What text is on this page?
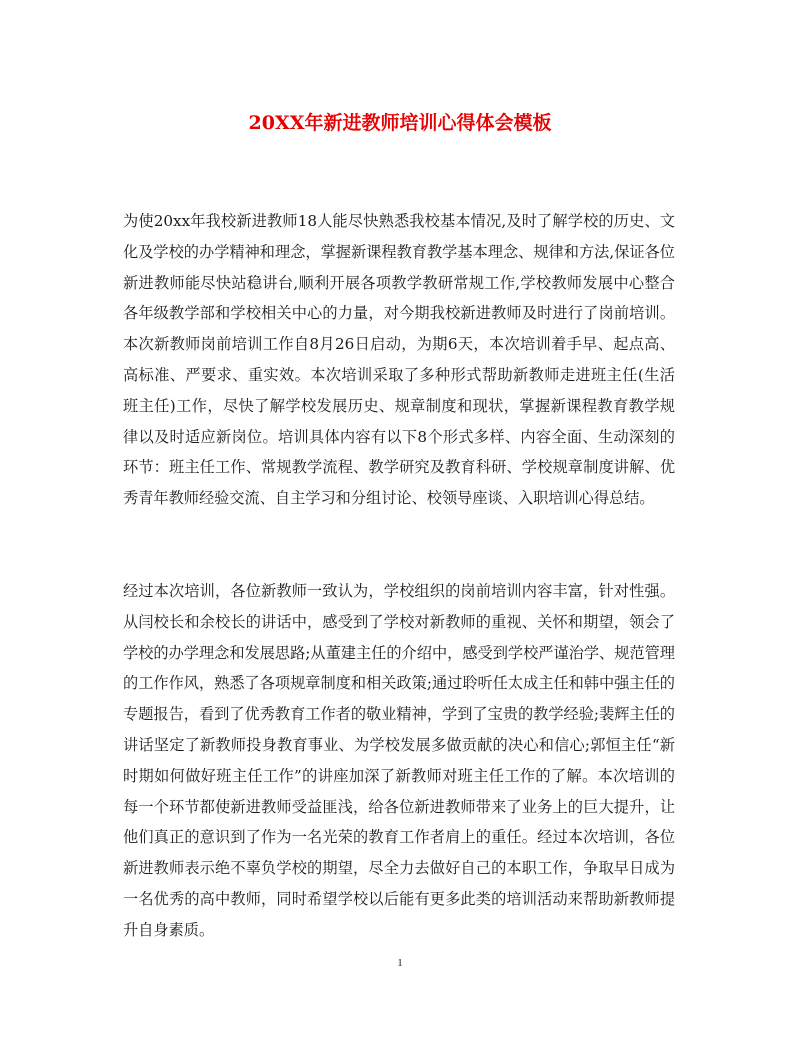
20XX年新进教师培训心得体会模板

为使20xx年我校新进教师18人能尽快熟悉我校基本情况,及时了解学校的历史、文化及学校的办学精神和理念，掌握新课程教育教学基本理念、规律和方法,保证各位新进教师能尽快站稳讲台,顺利开展各项教学教研常规工作,学校教师发展中心整合各年级教学部和学校相关中心的力量，对今期我校新进教师及时进行了岗前培训。本次新教师岗前培训工作自8月26日启动，为期6天，本次培训着手早、起点高、高标准、严要求、重实效。本次培训采取了多种形式帮助新教师走进班主任(生活班主任)工作，尽快了解学校发展历史、规章制度和现状，掌握新课程教育教学规律以及时适应新岗位。培训具体内容有以下8个形式多样、内容全面、生动深刻的环节：班主任工作、常规教学流程、教学研究及教育科研、学校规章制度讲解、优秀青年教师经验交流、自主学习和分组讨论、校领导座谈、入职培训心得总结。

经过本次培训，各位新教师一致认为，学校组织的岗前培训内容丰富，针对性强。从闫校长和余校长的讲话中，感受到了学校对新教师的重视、关怀和期望，领会了学校的办学理念和发展思路;从董建主任的介绍中，感受到学校严谨治学、规范管理的工作作风，熟悉了各项规章制度和相关政策;通过聆听任太成主任和韩中强主任的专题报告，看到了优秀教育工作者的敬业精神，学到了宝贵的教学经验;裴辉主任的讲话坚定了新教师投身教育事业、为学校发展多做贡献的决心和信心;郭恒主任“新时期如何做好班主任工作”的讲座加深了新教师对班主任工作的了解。本次培训的每一个环节都使新进教师受益匪浅，给各位新进教师带来了业务上的巨大提升，让他们真正的意识到了作为一名光荣的教育工作者肩上的重任。经过本次培训，各位新进教师表示绝不辜负学校的期望，尽全力去做好自己的本职工作，争取早日成为一名优秀的高中教师，同时希望学校以后能有更多此类的培训活动来帮助新教师提升自身素质。

1
